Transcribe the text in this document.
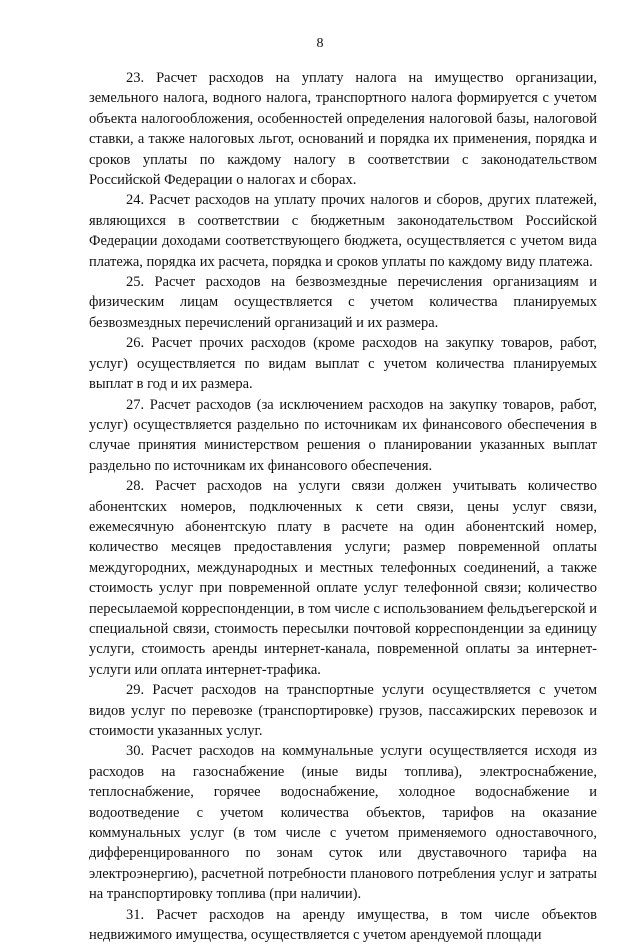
8

23. Расчет расходов на уплату налога на имущество организации, земельного налога, водного налога, транспортного налога формируется с учетом объекта налогообложения, особенностей определения налоговой базы, налоговой ставки, а также налоговых льгот, оснований и порядка их применения, порядка и сроков уплаты по каждому налогу в соответствии с законодательством Российской Федерации о налогах и сборах.

24. Расчет расходов на уплату прочих налогов и сборов, других платежей, являющихся в соответствии с бюджетным законодательством Российской Федерации доходами соответствующего бюджета, осуществляется с учетом вида платежа, порядка их расчета, порядка и сроков уплаты по каждому виду платежа.

25. Расчет расходов на безвозмездные перечисления организациям и физическим лицам осуществляется с учетом количества планируемых безвозмездных перечислений организаций и их размера.

26. Расчет прочих расходов (кроме расходов на закупку товаров, работ, услуг) осуществляется по видам выплат с учетом количества планируемых выплат в год и их размера.

27. Расчет расходов (за исключением расходов на закупку товаров, работ, услуг) осуществляется раздельно по источникам их финансового обеспечения в случае принятия министерством решения о планировании указанных выплат раздельно по источникам их финансового обеспечения.

28. Расчет расходов на услуги связи должен учитывать количество абонентских номеров, подключенных к сети связи, цены услуг связи, ежемесячную абонентскую плату в расчете на один абонентский номер, количество месяцев предоставления услуги; размер повременной оплаты междугородних, международных и местных телефонных соединений, а также стоимость услуг при повременной оплате услуг телефонной связи; количество пересылаемой корреспонденции, в том числе с использованием фельдъегерской и специальной связи, стоимость пересылки почтовой корреспонденции за единицу услуги, стоимость аренды интернет-канала, повременной оплаты за интернет-услуги или оплата интернет-трафика.

29. Расчет расходов на транспортные услуги осуществляется с учетом видов услуг по перевозке (транспортировке) грузов, пассажирских перевозок и стоимости указанных услуг.

30. Расчет расходов на коммунальные услуги осуществляется исходя из расходов на газоснабжение (иные виды топлива), электроснабжение, теплоснабжение, горячее водоснабжение, холодное водоснабжение и водоотведение с учетом количества объектов, тарифов на оказание коммунальных услуг (в том числе с учетом применяемого одноставочного, дифференцированного по зонам суток или двуставочного тарифа на электроэнергию), расчетной потребности планового потребления услуг и затраты на транспортировку топлива (при наличии).

31. Расчет расходов на аренду имущества, в том числе объектов недвижимого имущества, осуществляется с учетом арендуемой площади
